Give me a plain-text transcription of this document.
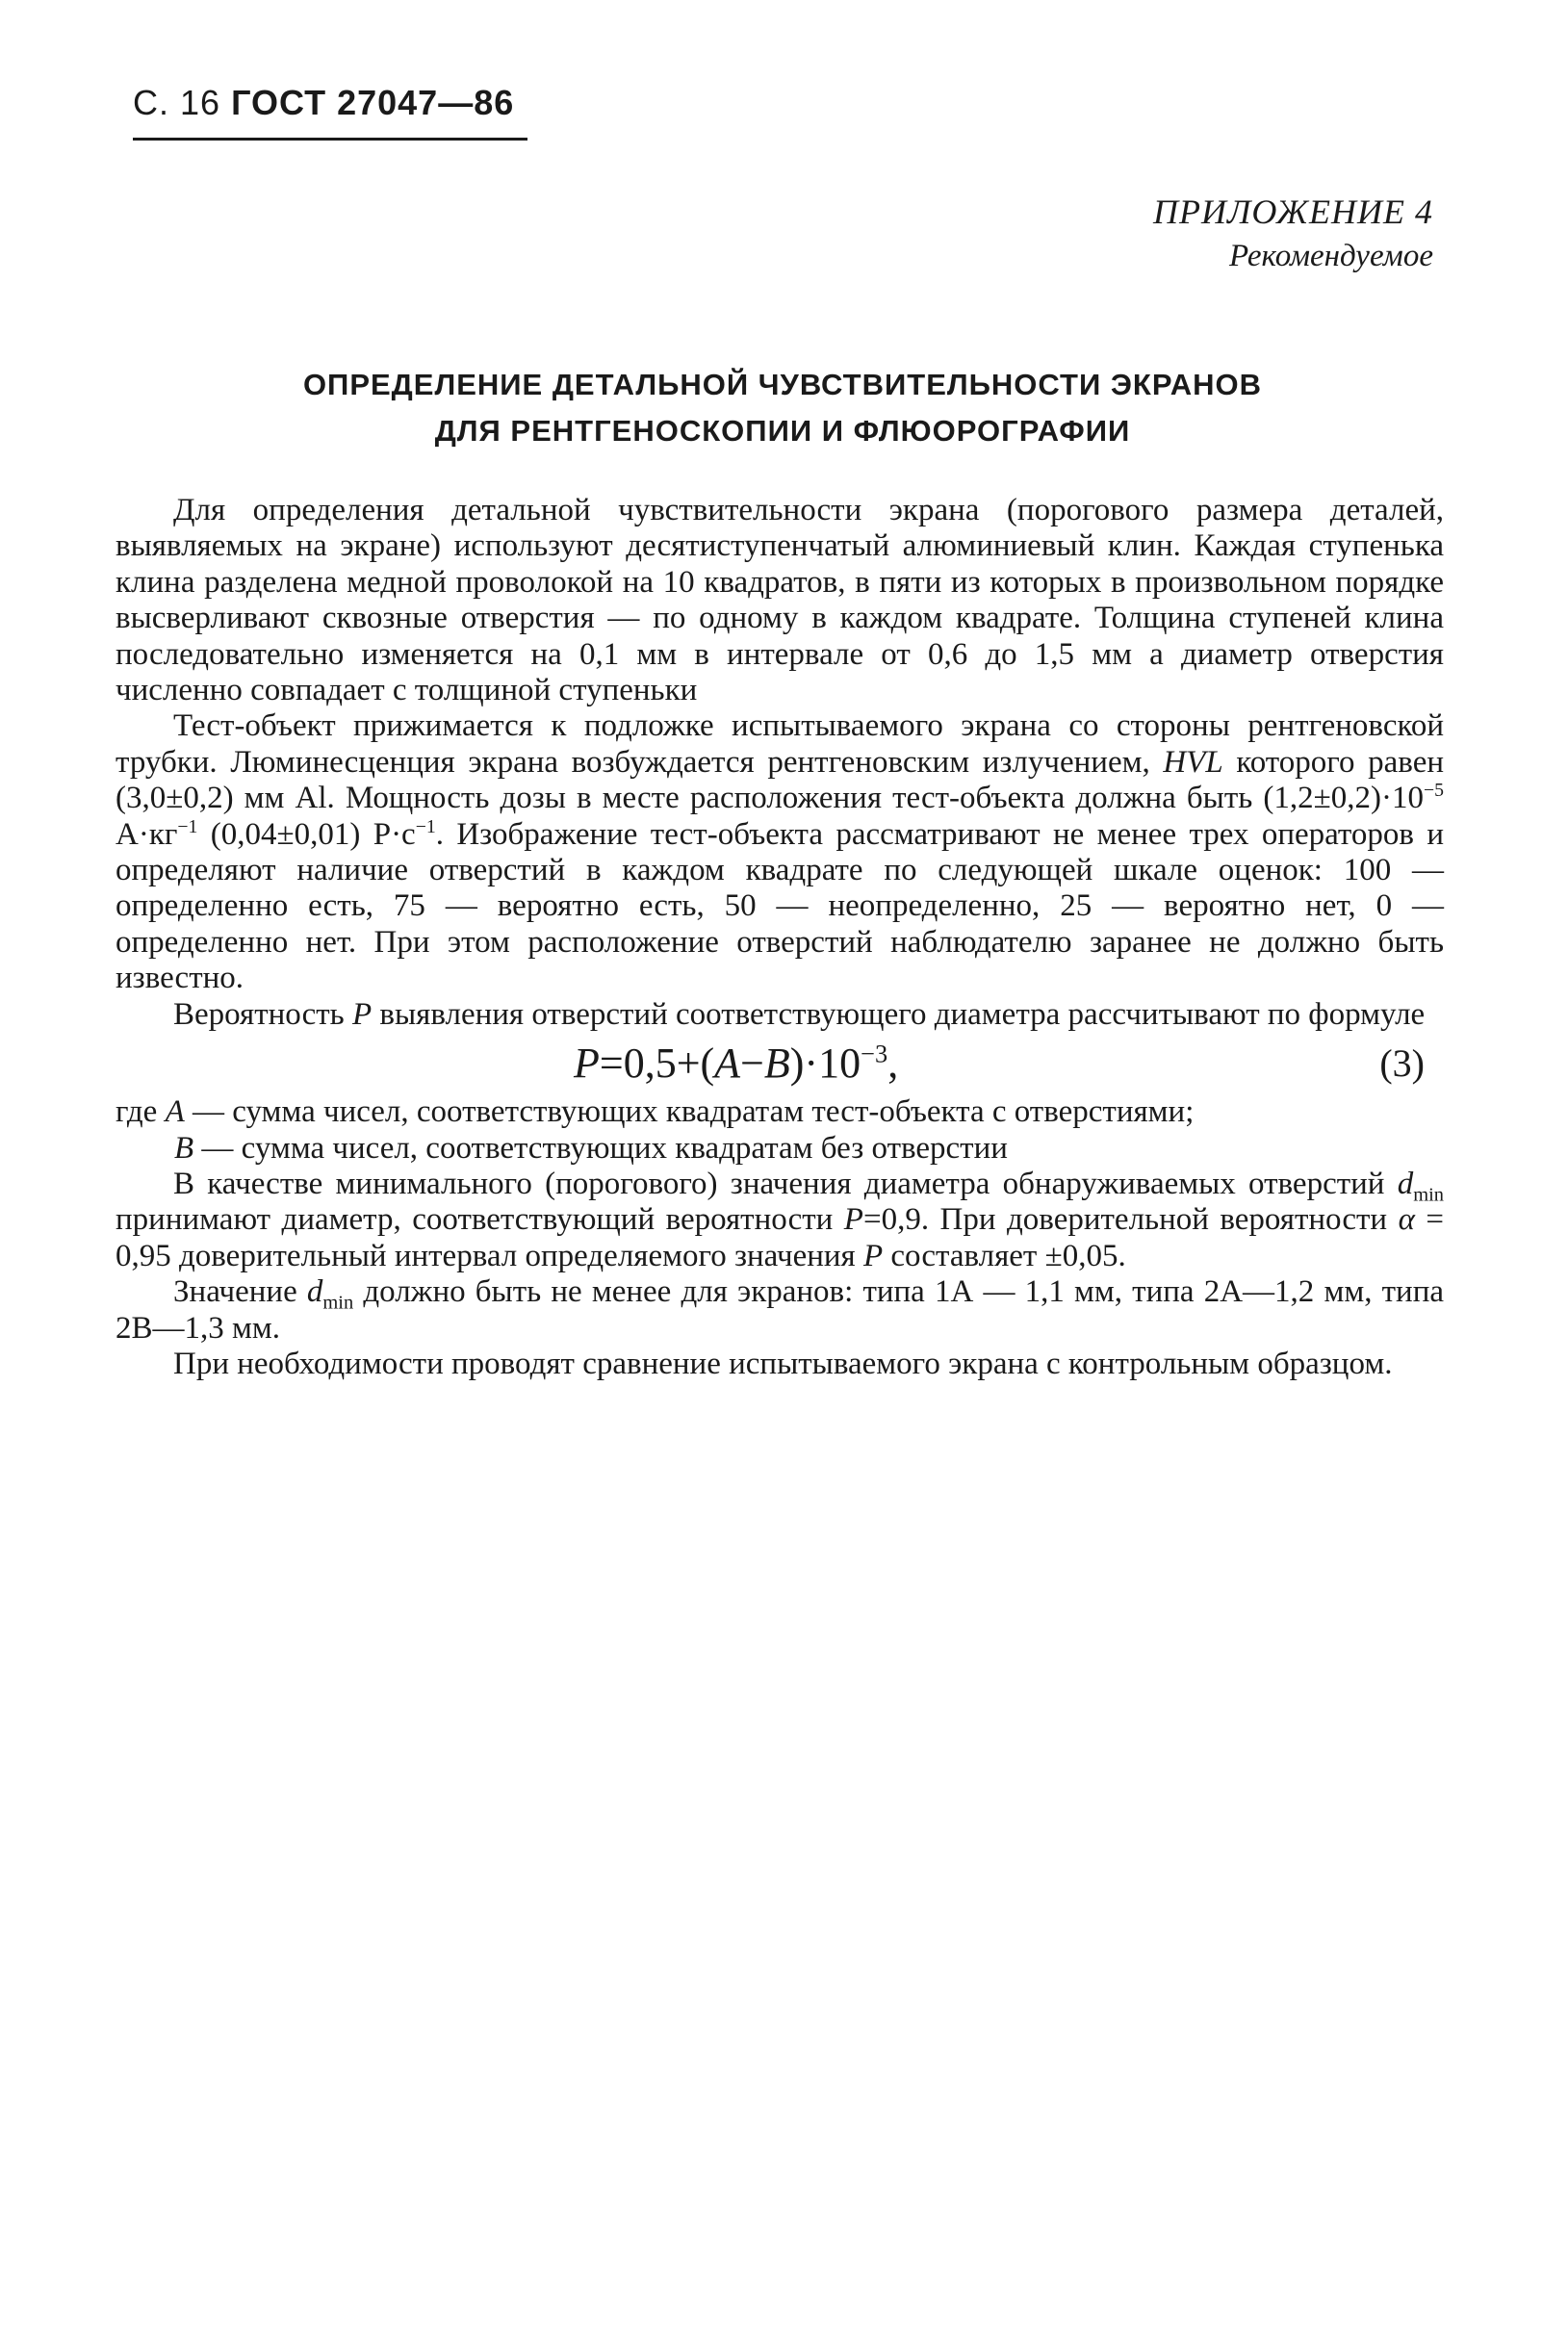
С. 16 ГОСТ 27047—86
ПРИЛОЖЕНИЕ 4
Рекомендуемое
ОПРЕДЕЛЕНИЕ ДЕТАЛЬНОЙ ЧУВСТВИТЕЛЬНОСТИ ЭКРАНОВ
ДЛЯ РЕНТГЕНОСКОПИИ И ФЛЮОРОГРАФИИ

Для определения детальной чувствительности экрана (порогового размера деталей, выявляемых на экране) используют десятиступенчатый алюминиевый клин. Каждая ступенька клина разделена медной проволокой на 10 квадратов, в пяти из которых в произвольном порядке высверливают сквозные отверстия — по одному в каждом квадрате. Толщина ступеней клина последовательно изменяется на 0,1 мм в интервале от 0,6 до 1,5 мм а диаметр отверстия численно совпадает с толщиной ступеньки

Тест-объект прижимается к подложке испытываемого экрана со стороны рентгеновской трубки. Люминесценция экрана возбуждается рентгеновским излучением, HVL которого равен (3,0±0,2) мм Al. Мощность дозы в месте расположения тест-объекта должна быть $(1,2\pm 0,2)\cdot 10^{-5}$ $А\cdot кг^{-1}$ (0,04±0,01) $Р\cdot с^{-1}$. Изображение тест-объекта рассматривают не менее трех операторов и определяют наличие отверстий в каждом квадрате по следующей шкале оценок: 100 — определенно есть, 75 — вероятно есть, 50 — неопределенно, 25 — вероятно нет, 0 — определенно нет. При этом расположение отверстий наблюдателю заранее не должно быть известно.

Вероятность P выявления отверстий соответствующего диаметра рассчитывают по формуле

$P=0,5+(A-B)\cdot 10^{-3}$,	(3)

где A — сумма чисел, соответствующих квадратам тест-объекта с отверстиями;

B — сумма чисел, соответствующих квадратам без отверстии

В качестве минимального (порогового) значения диаметра обнаруживаемых отверстий $d_{min}$ принимают диаметр, соответствующий вероятности P=0,9. При доверительной вероятности α = 0,95 доверительный интервал определяемого значения P составляет ±0,05.

Значение $d_{min}$ должно быть не менее для экранов: типа 1А — 1,1 мм, типа 2А—1,2 мм, типа 2В—1,3 мм.

При необходимости проводят сравнение испытываемого экрана с контрольным образцом.
